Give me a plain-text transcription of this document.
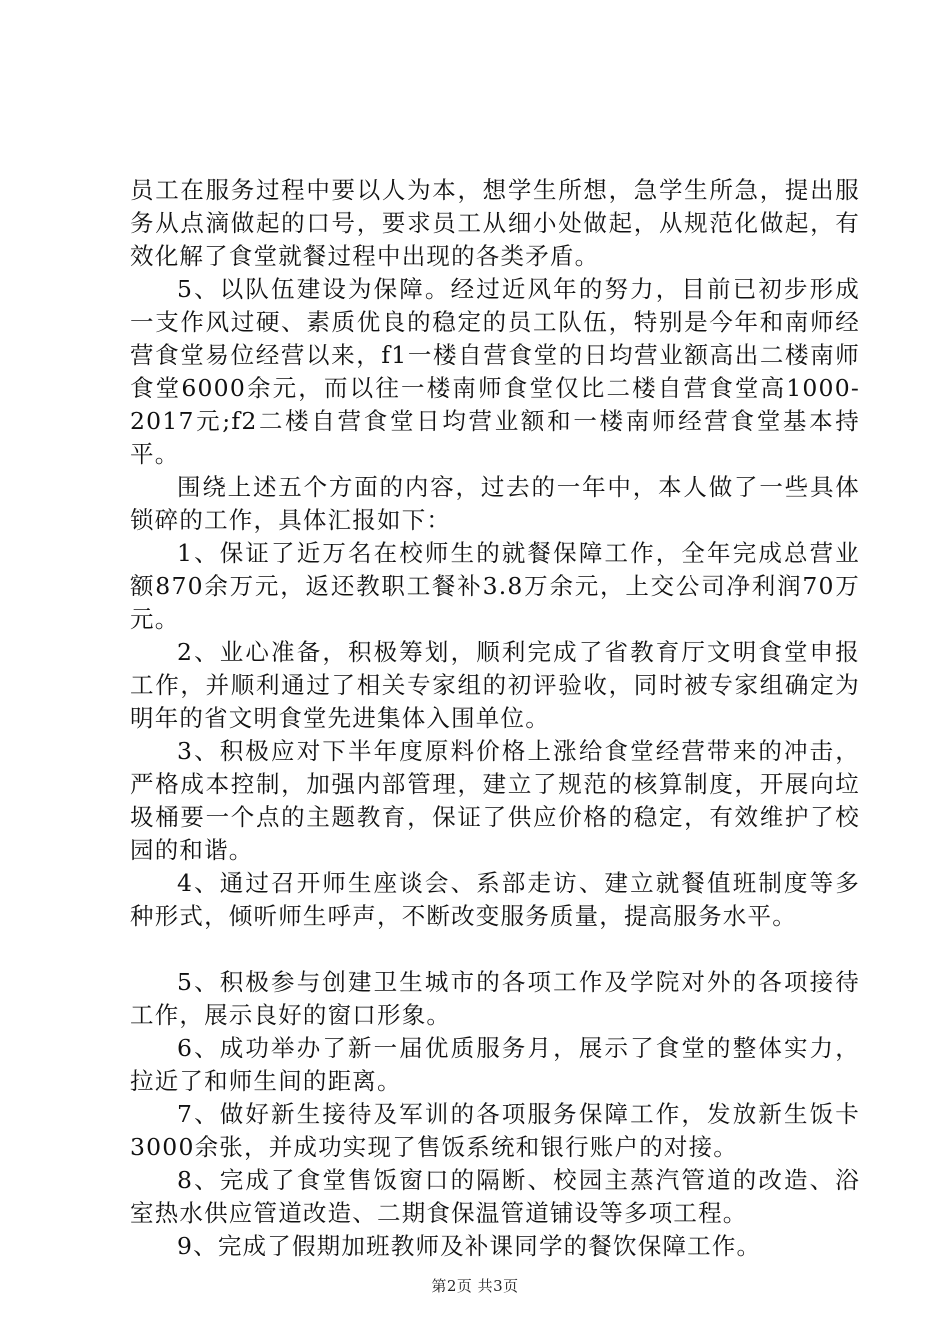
员工在服务过程中要以人为本，想学生所想，急学生所急，提出服务从点滴做起的口号，要求员工从细小处做起，从规范化做起，有效化解了食堂就餐过程中出现的各类矛盾。

5、以队伍建设为保障。经过近风年的努力，目前已初步形成一支作风过硬、素质优良的稳定的员工队伍，特别是今年和南师经营食堂易位经营以来，f1一楼自营食堂的日均营业额高出二楼南师食堂6000余元，而以往一楼南师食堂仅比二楼自营食堂高1000-2017元;f2二楼自营食堂日均营业额和一楼南师经营食堂基本持平。

围绕上述五个方面的内容，过去的一年中，本人做了一些具体锁碎的工作，具体汇报如下：

1、保证了近万名在校师生的就餐保障工作，全年完成总营业额870余万元，返还教职工餐补3.8万余元，上交公司净利润70万元。

2、业心准备，积极筹划，顺利完成了省教育厅文明食堂申报工作，并顺利通过了相关专家组的初评验收，同时被专家组确定为明年的省文明食堂先进集体入围单位。

3、积极应对下半年度原料价格上涨给食堂经营带来的冲击，严格成本控制，加强内部管理，建立了规范的核算制度，开展向垃圾桶要一个点的主题教育，保证了供应价格的稳定，有效维护了校园的和谐。

4、通过召开师生座谈会、系部走访、建立就餐值班制度等多种形式，倾听师生呼声，不断改变服务质量，提高服务水平。

5、积极参与创建卫生城市的各项工作及学院对外的各项接待工作，展示良好的窗口形象。

6、成功举办了新一届优质服务月，展示了食堂的整体实力，拉近了和师生间的距离。

7、做好新生接待及军训的各项服务保障工作，发放新生饭卡3000余张，并成功实现了售饭系统和银行账户的对接。

8、完成了食堂售饭窗口的隔断、校园主蒸汽管道的改造、浴室热水供应管道改造、二期食保温管道铺设等多项工程。

9、完成了假期加班教师及补课同学的餐饮保障工作。

第2页 共3页
